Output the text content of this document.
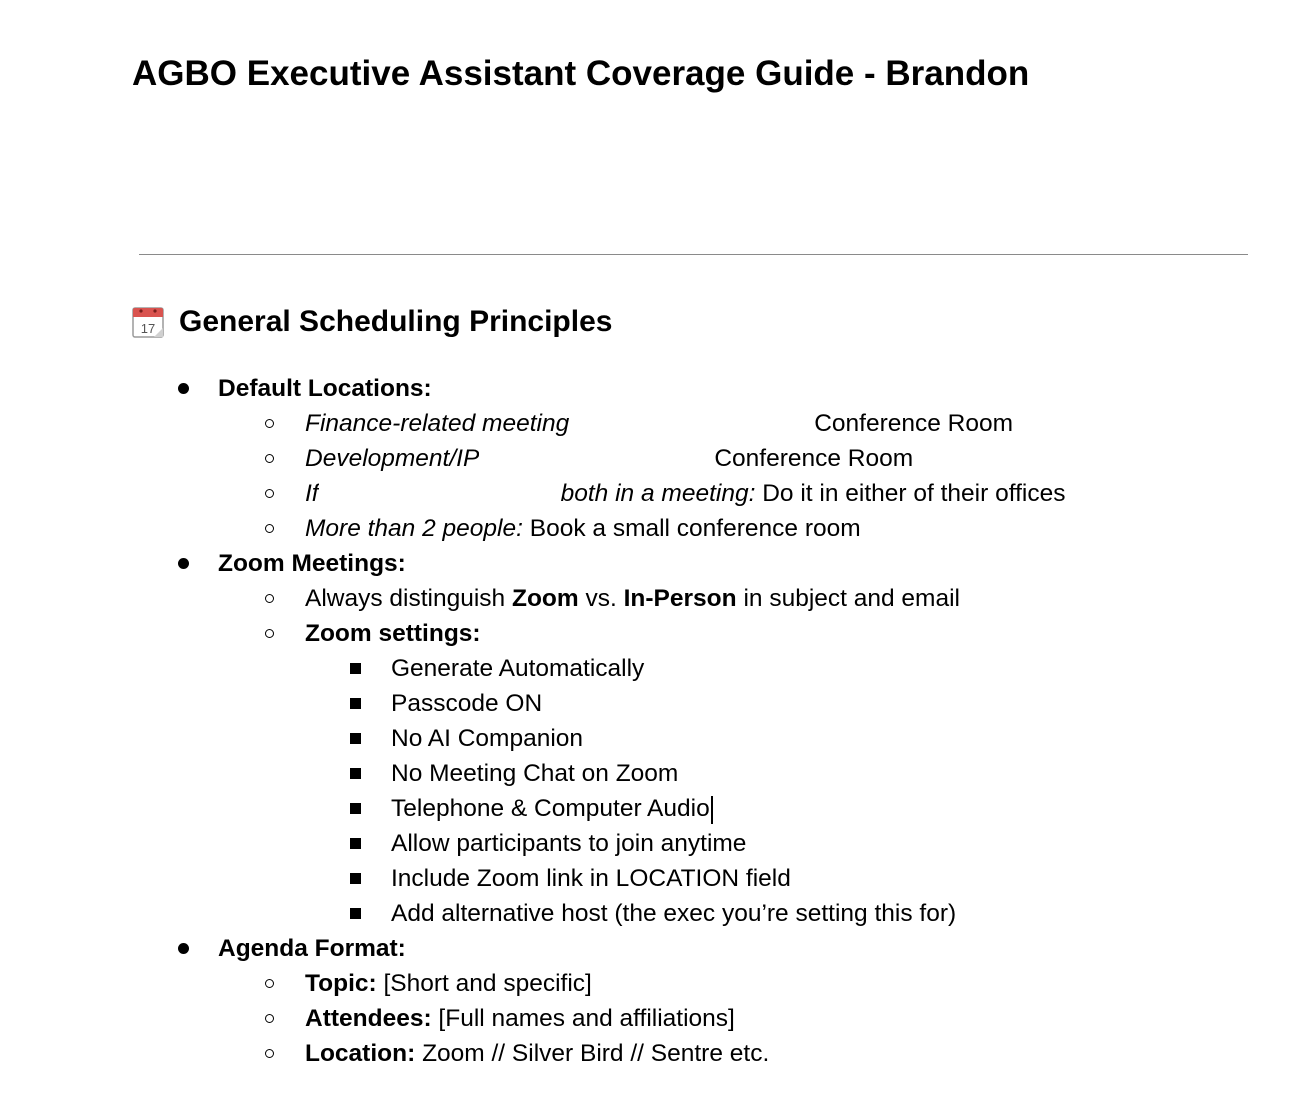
AGBO Executive Assistant Coverage Guide - Brandon
17 General Scheduling Principles
Default Locations:
Finance-related meeting	Conference Room
Development/IP	Conference Room
If	both in a meeting: Do it in either of their offices
More than 2 people: Book a small conference room
Zoom Meetings:
Always distinguish Zoom vs. In-Person in subject and email
Zoom settings:
Generate Automatically
Passcode ON
No AI Companion
No Meeting Chat on Zoom
Telephone & Computer Audio
Allow participants to join anytime
Include Zoom link in LOCATION field
Add alternative host (the exec you’re setting this for)
Agenda Format:
Topic: [Short and specific]
Attendees: [Full names and affiliations]
Location: Zoom // Silver Bird // Sentre etc.
